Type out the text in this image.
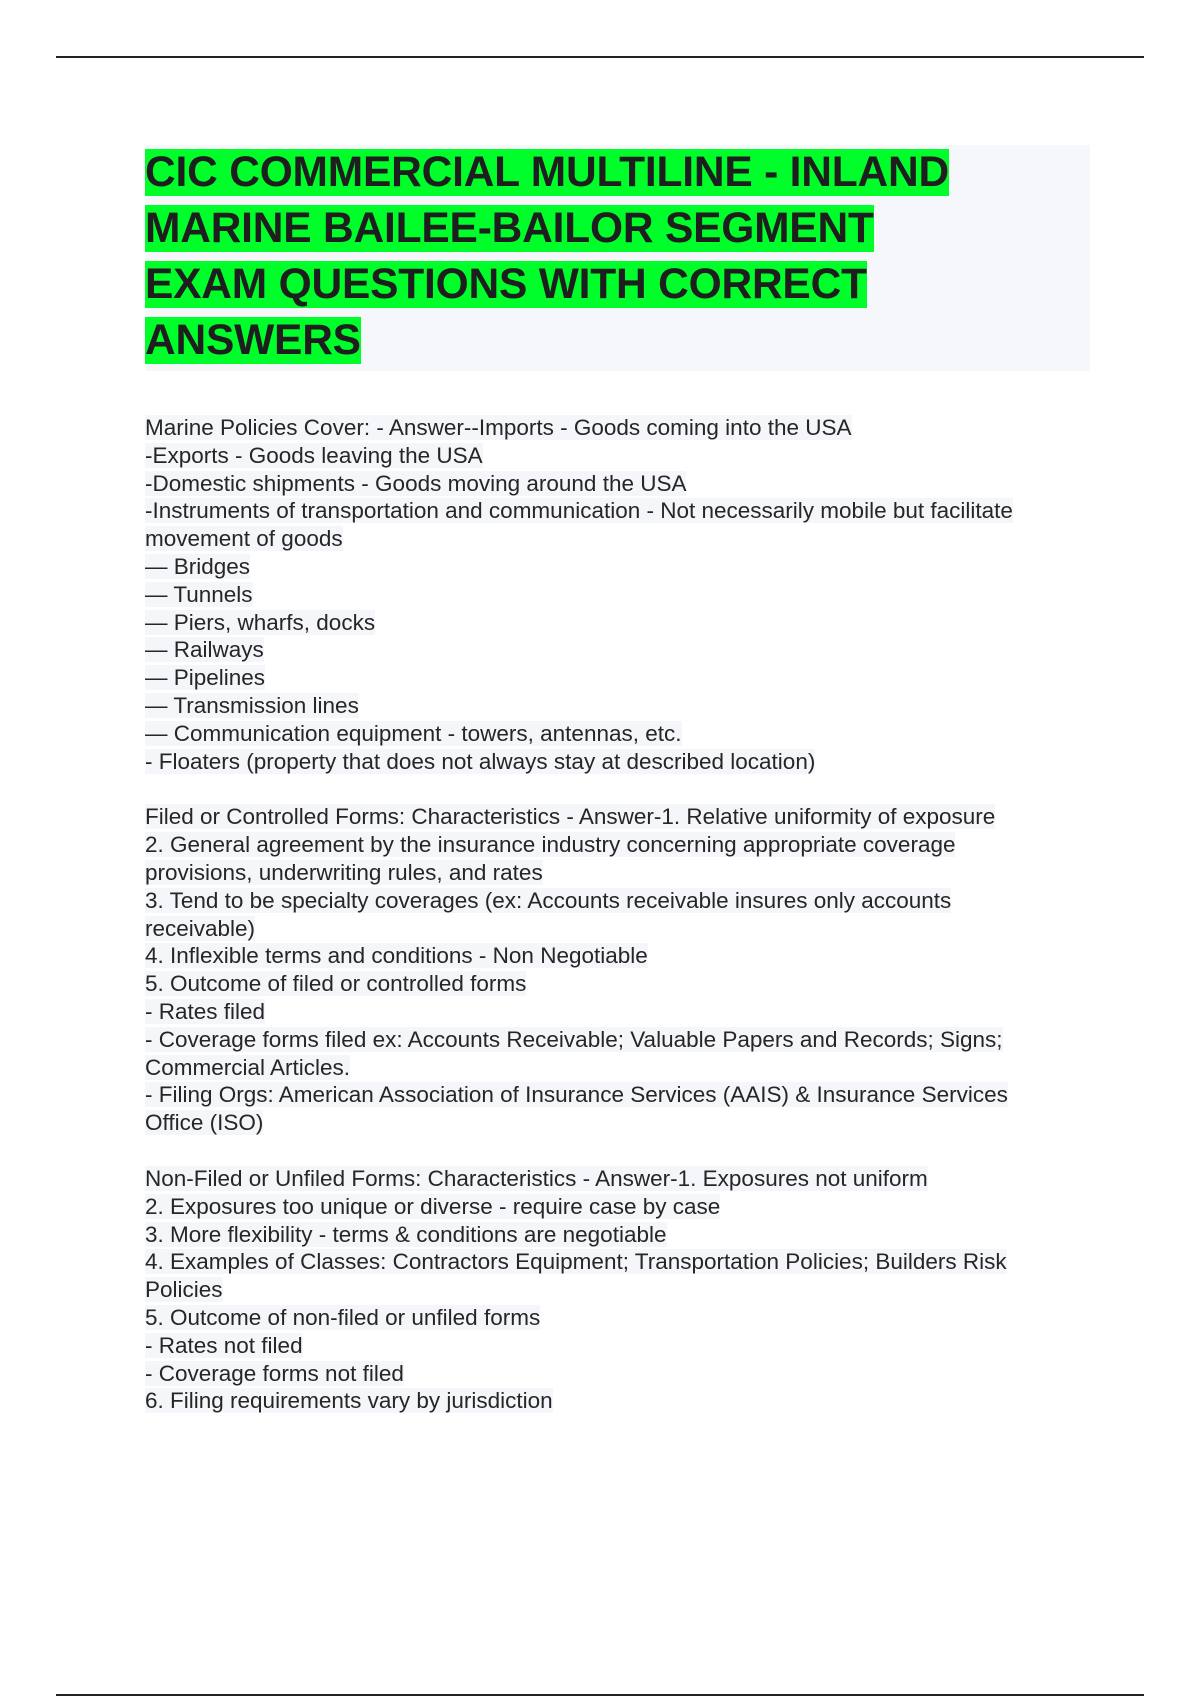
CIC COMMERCIAL MULTILINE - INLAND
MARINE BAILEE-BAILOR SEGMENT
EXAM QUESTIONS WITH CORRECT
ANSWERS
Marine Policies Cover: - Answer--Imports - Goods coming into the USA
-Exports - Goods leaving the USA
-Domestic shipments - Goods moving around the USA
-Instruments of transportation and communication - Not necessarily mobile but facilitate
movement of goods
— Bridges
— Tunnels
— Piers, wharfs, docks
— Railways
— Pipelines
— Transmission lines
— Communication equipment - towers, antennas, etc.
- Floaters (property that does not always stay at described location)
Filed or Controlled Forms: Characteristics - Answer-1. Relative uniformity of exposure
2. General agreement by the insurance industry concerning appropriate coverage
provisions, underwriting rules, and rates
3. Tend to be specialty coverages (ex: Accounts receivable insures only accounts
receivable)
4. Inflexible terms and conditions - Non Negotiable
5. Outcome of filed or controlled forms
- Rates filed
- Coverage forms filed ex: Accounts Receivable; Valuable Papers and Records; Signs;
Commercial Articles.
- Filing Orgs: American Association of Insurance Services (AAIS) & Insurance Services
Office (ISO)
Non-Filed or Unfiled Forms: Characteristics - Answer-1. Exposures not uniform
2. Exposures too unique or diverse - require case by case
3. More flexibility - terms & conditions are negotiable
4. Examples of Classes: Contractors Equipment; Transportation Policies; Builders Risk
Policies
5. Outcome of non-filed or unfiled forms
- Rates not filed
- Coverage forms not filed
6. Filing requirements vary by jurisdiction
